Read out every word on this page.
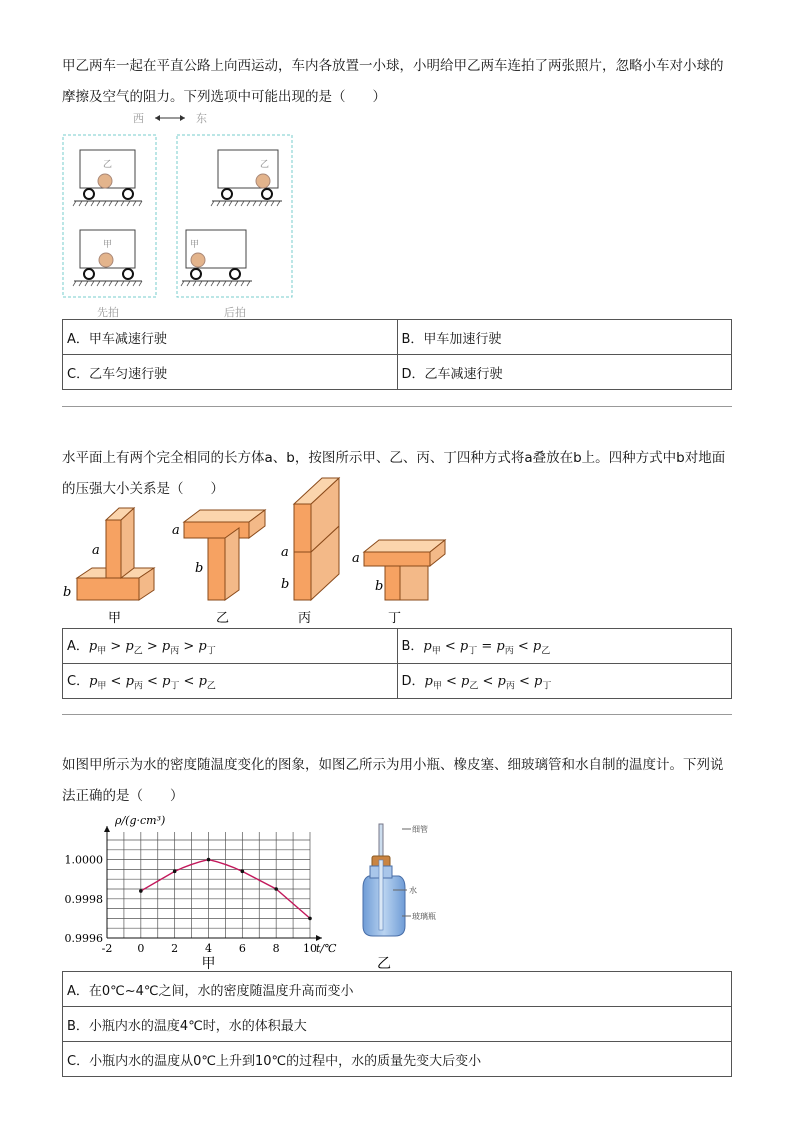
甲乙两车一起在平直公路上向西运动，车内各放置一小球，小明给甲乙两车连拍了两张照片，忽略小车对小球的摩擦及空气的阻力。下列选项中可能出现的是（　　）
西	东
乙
甲
乙
甲
先拍	后拍
A．甲车减速行驶	B．甲车加速行驶
C．乙车匀速行驶	D．乙车减速行驶
水平面上有两个完全相同的长方体a、b，按图所示甲、乙、丙、丁四种方式将a叠放在b上。四种方式中b对地面的压强大小关系是（　　）
a
b
a
b
a
b
a
b
甲	乙	丙	丁
A．$p_甲 > p_乙 > p_丙 > p_丁$	B．$p_甲 < p_丁 = p_丙 < p_乙$
C．$p_甲 < p_丙 < p_丁 < p_乙$	D．$p_甲 < p_乙 < p_丙 < p_丁$
如图甲所示为水的密度随温度变化的图象，如图乙所示为用小瓶、橡皮塞、细玻璃管和水自制的温度计。下列说法正确的是（　　）
-2 0 2 4 6 8 10
0.9996
0.9998
1.0000
ρ/(g·cm³)
t/℃
甲
细管
水
玻璃瓶
乙
A．在0℃~4℃之间，水的密度随温度升高而变小
B．小瓶内水的温度4℃时，水的体积最大
C．小瓶内水的温度从0℃上升到10℃的过程中，水的质量先变大后变小
